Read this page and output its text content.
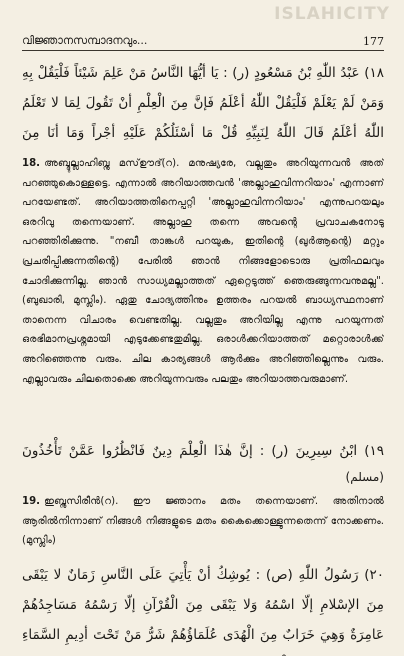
ISLAHICITY
വിജ്ഞാനസമ്പാദനവും...	177

١٨) عَبْدُ اللّٰهِ بْنُ مَسْعُودٍ (ر) : يَا أيُّهَا النَّاسُ مَنْ عَلِمَ شَيْئاً فَلْيَقُلْ بِهِ وَمَنْ لَمْ يَعْلَمْ فَلْيَقُلْ اللّٰهُ أعْلَمُ فَإنَّ مِنَ الْعِلْمِ أنْ تَقُولَ لِمَا لا تَعْلَمُ اللّٰهُ أعْلَمُ قَالَ اللّٰهُ لِنَبِيِّهِ قُلْ مَا أسْئَلُكُمْ عَلَيْهِ أجْراً وَمَا أنَا مِنَ

18. അബ്ദുല്ലാഹിബ്നു മസ്ഊദ്(റ). മനുഷ്യരേ, വല്ലതും അറിയുന്നവൻ അത് പറഞ്ഞുകൊള്ളട്ടെ. എന്നാൽ അറിയാത്തവൻ 'അല്ലാഹുവിന്നറിയാം' എന്നാണ് പറയേണ്ടത്. അറിയാത്തതിനെപ്പറ്റി 'അല്ലാഹുവിന്നറിയാം' എന്നുപറയലും ഒരറിവു തന്നെയാണ്. അല്ലാഹു തന്നെ അവന്റെ പ്രവാചകനോടു പറഞ്ഞിരിക്കുന്നു. "നബീ താങ്കൾ പറയുക, ഇതിന്റെ (ഖുർആന്റെ) മറ്റും പ്രചരിപ്പിക്കുന്നതിന്റെ) പേരിൽ ഞാൻ നിങ്ങളോടൊരു പ്രതിഫലവും ചോദിക്കുന്നില്ല. ഞാൻ സാധ്യമല്ലാത്തത് ഏറ്റെടുത്ത് ഞെരുങ്ങുന്നവനുമല്ല". (ബുഖാരി, മുസ്ലിം). ഏതു ചോദ്യത്തിനും ഉത്തരം പറയൽ ബാധ്യസ്ഥനാണ് താനെന്ന വിചാരം വെണ്ടതില്ല. വല്ലതും അറിയില്ല എന്നു പറയുന്നത് ഒരഭിമാനപ്രശ്നമായി എടുക്കേണ്ടതുമില്ല. ഒരാൾക്കറിയാത്തത് മറ്റൊരാൾക്ക് അറിഞ്ഞെന്നു വരും. ചില കാര്യങ്ങൾ ആർക്കും അറിഞ്ഞില്ലെന്നും വരും. എല്ലാവരും ചിലതൊക്കെ അറിയുന്നവരും പലതും അറിയാത്തവരുമാണ്.

١٩) ابْنُ سِيرِينَ (ر) : إنَّ هٰذَا الْعِلْمَ دِينٌ فَانْظُرُوا عَمَّنْ تَأْخُذُونَ

(مسلم)

19. ഇബ്നുസിരീൻ(റ). ഈ ജ്ഞാനം മതം തന്നെയാണ്. അതിനാൽ ആരിൽനിന്നാണ് നിങ്ങൾ നിങ്ങളുടെ മതം കൈക്കൊള്ളുന്നതെന്ന് നോക്കണം. (മുസ്ലിം)

٢٠) رَسُولُ اللّٰهِ (ص) : يُوشِكُ أنْ يَأْتِيَ عَلَى النَّاسِ زَمَانٌ لا يَبْقَى مِنَ الإسْلامِ إلّا اسْمُهُ وَلا يَبْقَى مِنَ الْقُرْآنِ إلّا رَسْمُهُ مَسَاجِدُهُمْ عَامِرَةٌ وَهِيَ خَرَابٌ مِنَ الْهُدَى عُلَمَاؤُهُمْ شَرُّ مَنْ تَحْتَ أدِيمِ السَّمَاءِ
